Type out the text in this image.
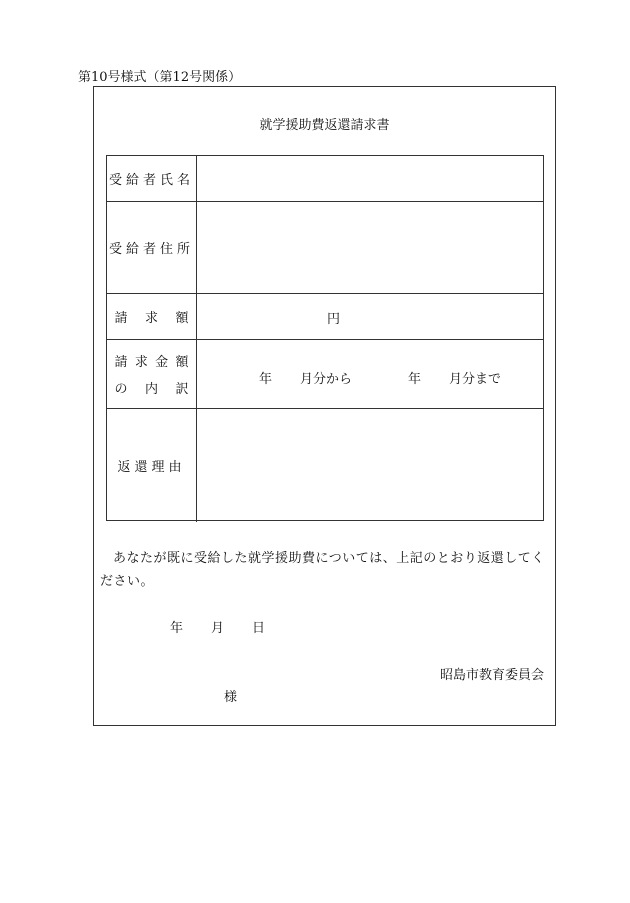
第10号様式（第12号関係）
就学援助費返還請求書
受給者氏名
受給者住所
請 求 額	円
請 求 金 額
の 内 訳
年 月分から	年 月分まで
返還理由
あなたが既に受給した就学援助費については、上記のとおり返還してください。
年 月 日
昭島市教育委員会
様
